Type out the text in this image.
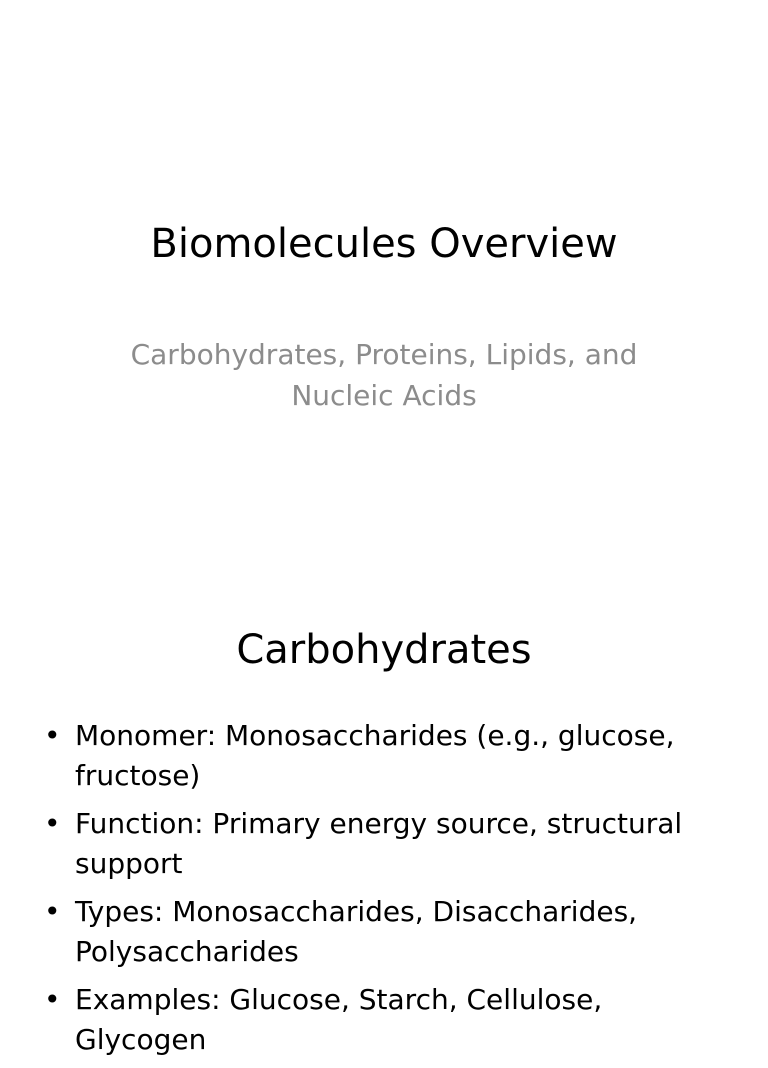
Biomolecules Overview
Carbohydrates, Proteins, Lipids, and Nucleic Acids
Carbohydrates
• Monomer: Monosaccharides (e.g., glucose, fructose)
• Function: Primary energy source, structural support
• Types: Monosaccharides, Disaccharides, Polysaccharides
• Examples: Glucose, Starch, Cellulose, Glycogen
